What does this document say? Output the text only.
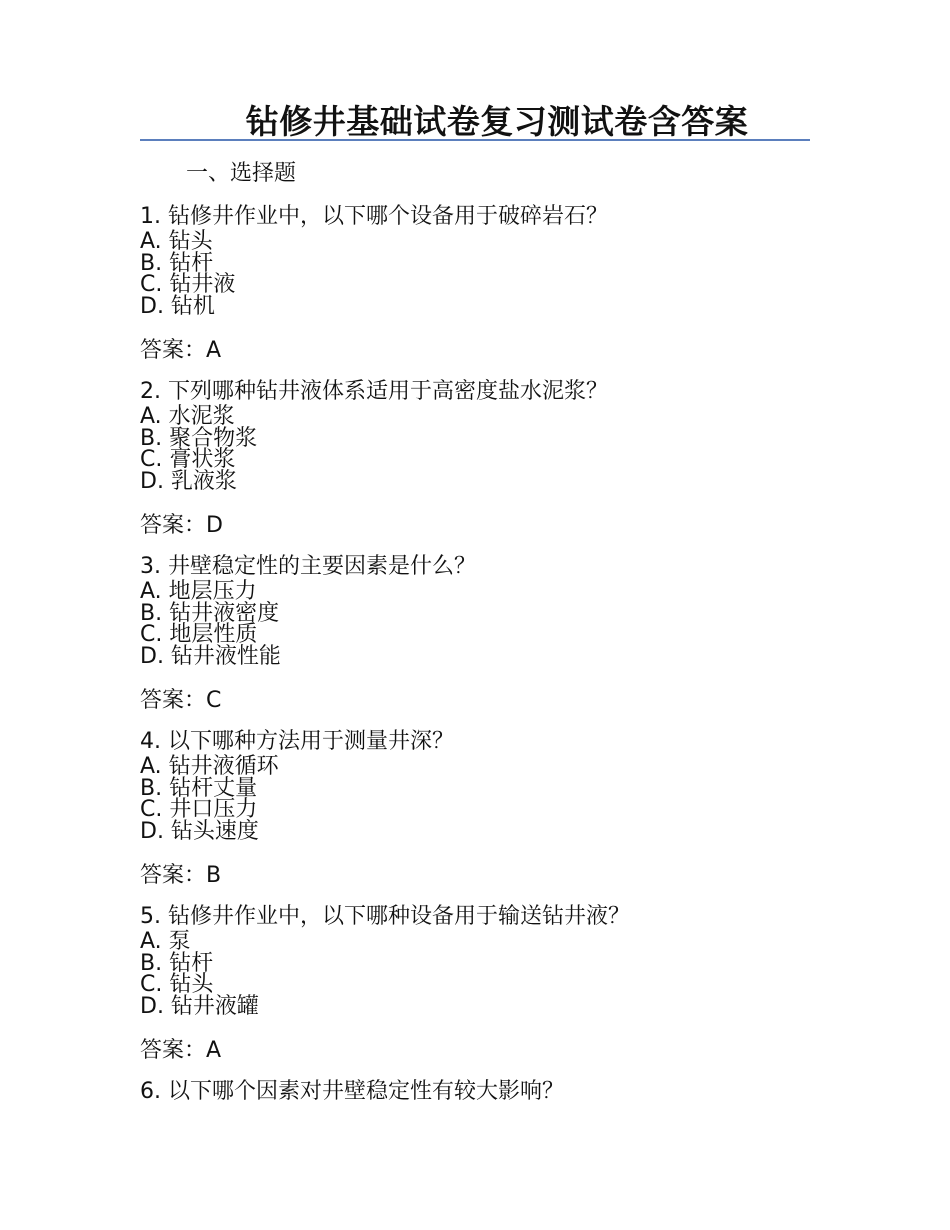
钻修井基础试卷复习测试卷含答案
一、选择题
1. 钻修井作业中，以下哪个设备用于破碎岩石？
A. 钻头
B. 钻杆
C. 钻井液
D. 钻机
答案：A
2. 下列哪种钻井液体系适用于高密度盐水泥浆？
A. 水泥浆
B. 聚合物浆
C. 膏状浆
D. 乳液浆
答案：D
3. 井壁稳定性的主要因素是什么？
A. 地层压力
B. 钻井液密度
C. 地层性质
D. 钻井液性能
答案：C
4. 以下哪种方法用于测量井深？
A. 钻井液循环
B. 钻杆丈量
C. 井口压力
D. 钻头速度
答案：B
5. 钻修井作业中，以下哪种设备用于输送钻井液？
A. 泵
B. 钻杆
C. 钻头
D. 钻井液罐
答案：A
6. 以下哪个因素对井壁稳定性有较大影响？
